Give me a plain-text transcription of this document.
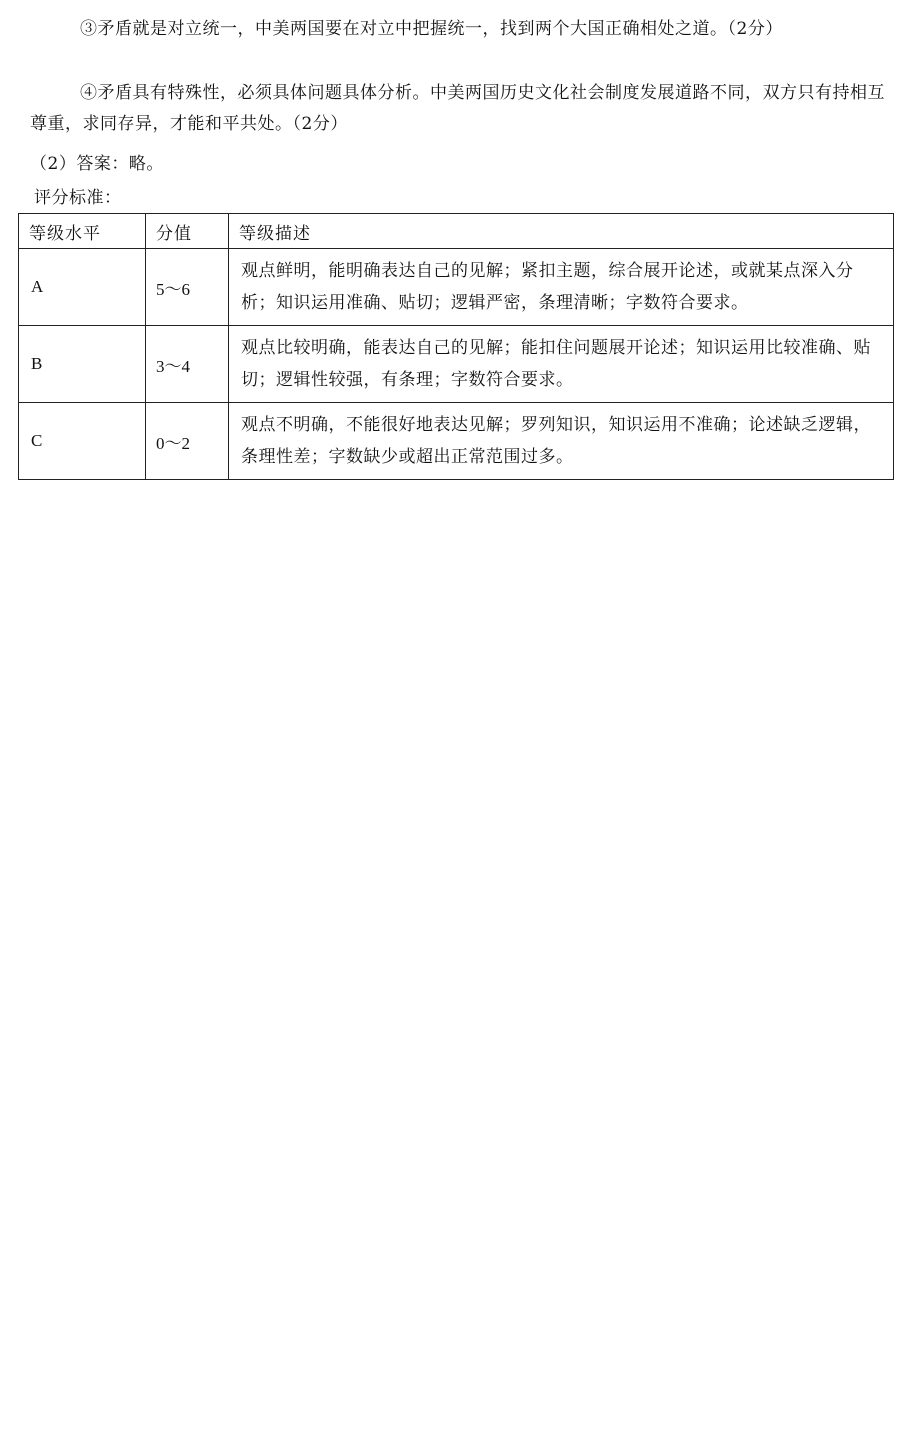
③矛盾就是对立统一，中美两国要在对立中把握统一，找到两个大国正确相处之道。（2分）
④矛盾具有特殊性，必须具体问题具体分析。中美两国历史文化社会制度发展道路不同，双方只有持相互尊重，求同存异，才能和平共处。（2分）
（2）答案：略。
评分标准：
等级水平	分值	等级描述
A	5～6	观点鲜明，能明确表达自己的见解；紧扣主题，综合展开论述，或就某点深入分析；知识运用准确、贴切；逻辑严密，条理清晰；字数符合要求。
B	3～4	观点比较明确，能表达自己的见解；能扣住问题展开论述；知识运用比较准确、贴切；逻辑性较强，有条理；字数符合要求。
C	0～2	观点不明确，不能很好地表达见解；罗列知识，知识运用不准确；论述缺乏逻辑，条理性差；字数缺少或超出正常范围过多。
